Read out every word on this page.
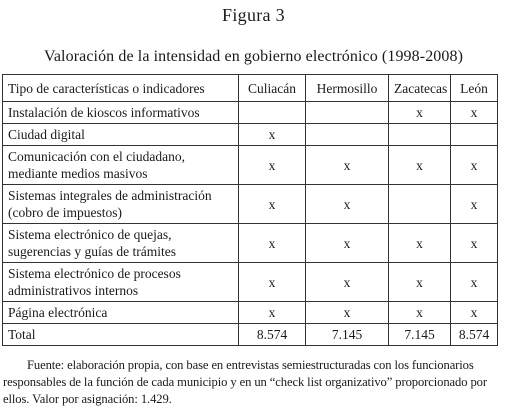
Figura 3
Valoración de la intensidad en gobierno electrónico (1998-2008)
Tipo de características o indicadores	Culiacán	Hermosillo	Zacatecas	León
Instalación de kioscos informativos			x	x
Ciudad digital	x			
Comunicación con el ciudadano, mediante medios masivos	x	x	x	x
Sistemas integrales de administración (cobro de impuestos)	x	x		x
Sistema electrónico de quejas, sugerencias y guías de trámites	x	x	x	x
Sistema electrónico de procesos administrativos internos	x	x	x	x
Página electrónica	x	x	x	x
Total	8.574	7.145	7.145	8.574
Fuente: elaboración propia, con base en entrevistas semiestructuradas con los funcionarios responsables de la función de cada municipio y en un “check list organizativo” proporcionado por ellos. Valor por asignación: 1.429.
